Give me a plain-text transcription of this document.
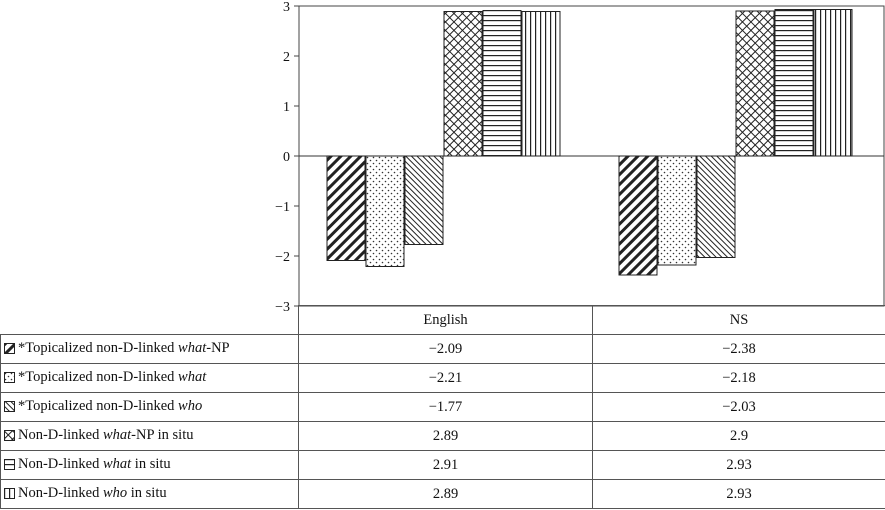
3
2
1
0
−1
−2
−3
	English	NS

*Topicalized non-D-linked what-NP	−2.09	−2.38

*Topicalized non-D-linked what	−2.21	−2.18

*Topicalized non-D-linked who	−1.77	−2.03

Non-D-linked what-NP in situ	2.89	2.9

Non-D-linked what in situ	2.91	2.93

Non-D-linked who in situ	2.89	2.93
